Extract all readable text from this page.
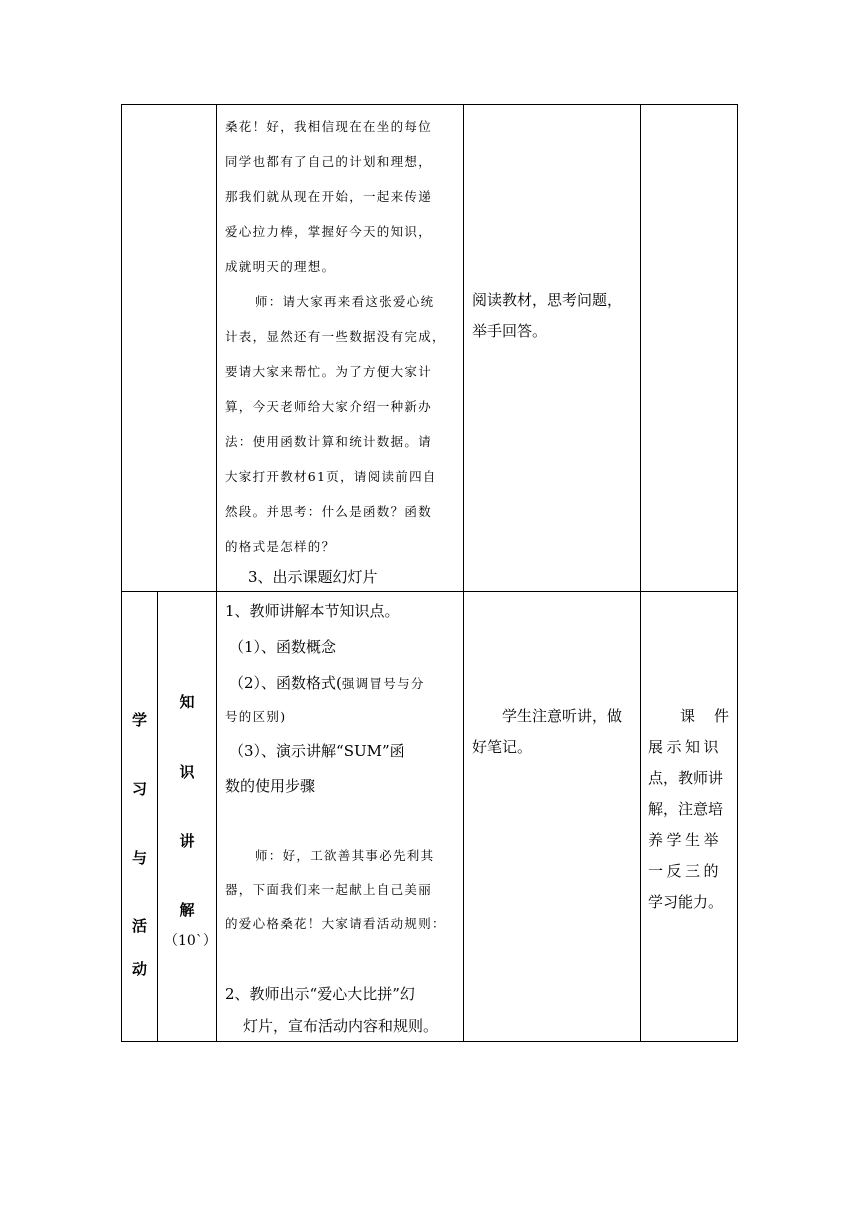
桑花！好，我相信现在在坐的每位
同学也都有了自己的计划和理想，
那我们就从现在开始，一起来传递
爱心拉力棒，掌握好今天的知识，
成就明天的理想。
师：请大家再来看这张爱心统
计表，显然还有一些数据没有完成，
要请大家来帮忙。为了方便大家计
算，今天老师给大家介绍一种新办
法：使用函数计算和统计数据。请
大家打开教材61页，请阅读前四自
然段。并思考：什么是函数？函数
的格式是怎样的？
3、出示课题幻灯片
阅读教材，思考问题，
举手回答。
学
习
与
活
动
知
识
讲
解
（10`）
1、教师讲解本节知识点。
（1）、函数概念
（2）、函数格式(强调冒号与分
号的区别)
（3）、演示讲解“SUM”函
数的使用步骤
师：好，工欲善其事必先利其
器，下面我们来一起献上自己美丽
的爱心格桑花！大家请看活动规则：
2、教师出示“爱心大比拼”幻
灯片，宣布活动内容和规则。
学生注意听讲，做
好笔记。
课　件
展示知识
点，教师讲
解，注意培
养学生举
一反三的
学习能力。
